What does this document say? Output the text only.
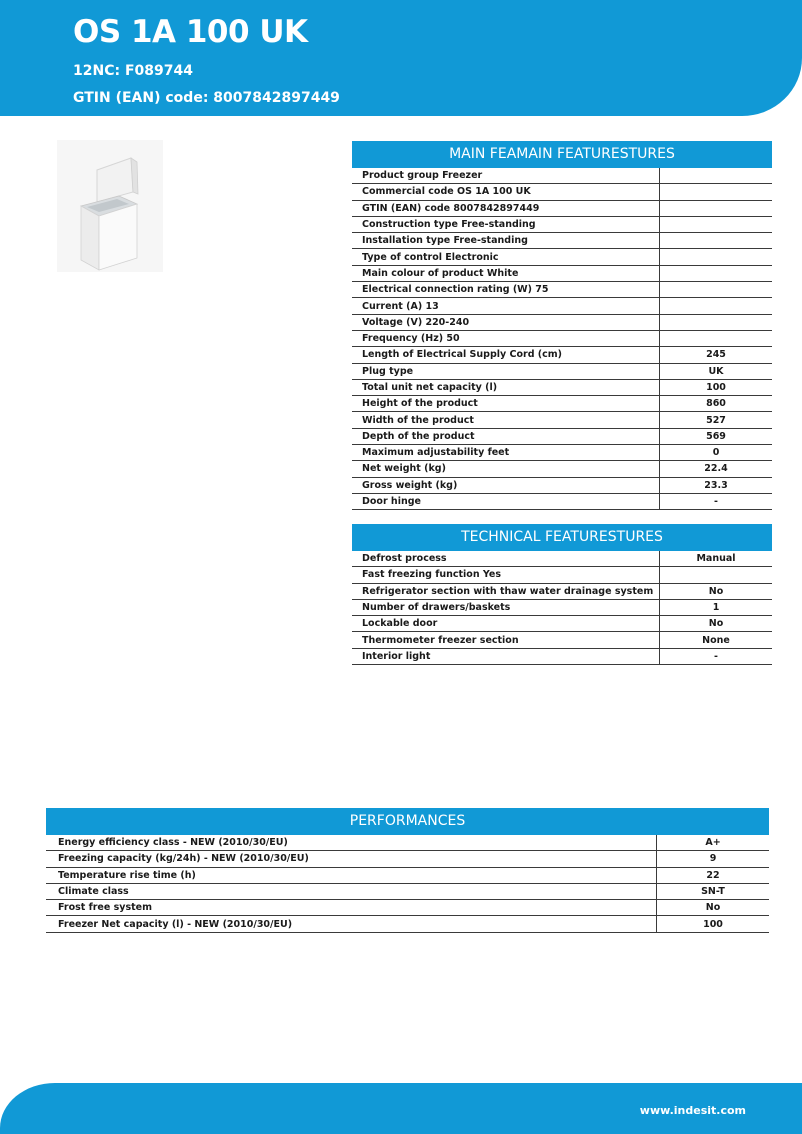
OS 1A 100 UK
12NC: F089744
GTIN (EAN) code: 8007842897449
MAIN FEAMAIN FEATURESTURES
Product group Freezer	
Commercial code OS 1A 100 UK	
GTIN (EAN) code 8007842897449	
Construction type Free-standing	
Installation type Free-standing	
Type of control Electronic	
Main colour of product White	
Electrical connection rating (W) 75	
Current (A) 13	
Voltage (V) 220-240	
Frequency (Hz) 50	
Length of Electrical Supply Cord (cm)	245
Plug type	UK
Total unit net capacity (l)	100
Height of the product	860
Width of the product	527
Depth of the product	569
Maximum adjustability feet	0
Net weight (kg)	22.4
Gross weight (kg)	23.3
Door hinge	-
TECHNICAL FEATURESTURES
Defrost process	Manual
Fast freezing function Yes	
Refrigerator section with thaw water drainage system	No
Number of drawers/baskets	1
Lockable door	No
Thermometer freezer section	None
Interior light	-
PERFORMANCES
Energy efficiency class - NEW (2010/30/EU)	A+
Freezing capacity (kg/24h) - NEW (2010/30/EU)	9
Temperature rise time (h)	22
Climate class	SN-T
Frost free system	No
Freezer Net capacity (l) - NEW (2010/30/EU)	100
www.indesit.com
